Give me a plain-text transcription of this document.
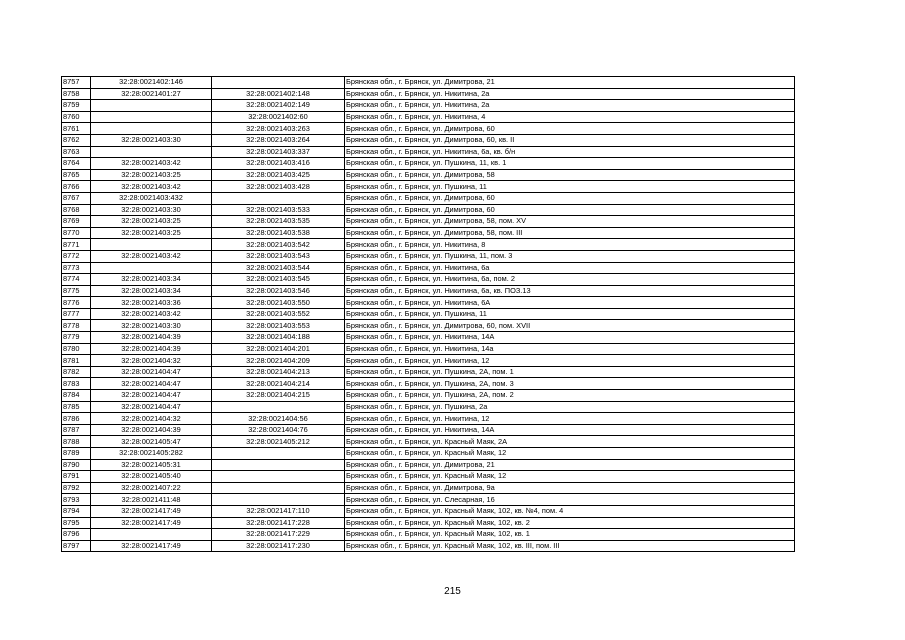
8757	32:28:0021402:146		Брянская обл., г. Брянск, ул. Димитрова, 21
8758	32:28:0021401:27	32:28:0021402:148	Брянская обл., г. Брянск, ул. Никитина, 2а
8759		32:28:0021402:149	Брянская обл., г. Брянск, ул. Никитина, 2а
8760		32:28:0021402:60	Брянская обл., г. Брянск, ул. Никитина, 4
8761		32:28:0021403:263	Брянская обл., г. Брянск, ул. Димитрова, 60
8762	32:28:0021403:30	32:28:0021403:264	Брянская обл., г. Брянск, ул. Димитрова, 60, кв. II
8763		32:28:0021403:337	Брянская обл., г. Брянск, ул. Никитина, 6а, кв. б/н
8764	32:28:0021403:42	32:28:0021403:416	Брянская обл., г. Брянск, ул. Пушкина, 11, кв. 1
8765	32:28:0021403:25	32:28:0021403:425	Брянская обл., г. Брянск, ул. Димитрова, 58
8766	32:28:0021403:42	32:28:0021403:428	Брянская обл., г. Брянск, ул. Пушкина, 11
8767	32:28:0021403:432		Брянская обл., г. Брянск, ул. Димитрова, 60
8768	32:28:0021403:30	32:28:0021403:533	Брянская обл., г. Брянск, ул. Димитрова, 60
8769	32:28:0021403:25	32:28:0021403:535	Брянская обл., г. Брянск, ул. Димитрова, 58, пом. XV
8770	32:28:0021403:25	32:28:0021403:538	Брянская обл., г. Брянск, ул. Димитрова, 58, пом. III
8771		32:28:0021403:542	Брянская обл., г. Брянск, ул. Никитина, 8
8772	32:28:0021403:42	32:28:0021403:543	Брянская обл., г. Брянск, ул. Пушкина, 11, пом. 3
8773		32:28:0021403:544	Брянская обл., г. Брянск, ул. Никитина, 6а
8774	32:28:0021403:34	32:28:0021403:545	Брянская обл., г. Брянск, ул. Никитина, 6а, пом. 2
8775	32:28:0021403:34	32:28:0021403:546	Брянская обл., г. Брянск, ул. Никитина, 6а, кв. ПОЗ.13
8776	32:28:0021403:36	32:28:0021403:550	Брянская обл., г. Брянск, ул. Никитина, 6А
8777	32:28:0021403:42	32:28:0021403:552	Брянская обл., г. Брянск, ул. Пушкина, 11
8778	32:28:0021403:30	32:28:0021403:553	Брянская обл., г. Брянск, ул. Димитрова, 60, пом. XVII
8779	32:28:0021404:39	32:28:0021404:188	Брянская обл., г. Брянск, ул. Никитина, 14А
8780	32:28:0021404:39	32:28:0021404:201	Брянская обл., г. Брянск, ул. Никитина, 14а
8781	32:28:0021404:32	32:28:0021404:209	Брянская обл., г. Брянск, ул. Никитина, 12
8782	32:28:0021404:47	32:28:0021404:213	Брянская обл., г. Брянск, ул. Пушкина, 2А, пом. 1
8783	32:28:0021404:47	32:28:0021404:214	Брянская обл., г. Брянск, ул. Пушкина, 2А, пом. 3
8784	32:28:0021404:47	32:28:0021404:215	Брянская обл., г. Брянск, ул. Пушкина, 2А, пом. 2
8785	32:28:0021404:47		Брянская обл., г. Брянск, ул. Пушкина, 2а
8786	32:28:0021404:32	32:28:0021404:56	Брянская обл., г. Брянск, ул. Никитина, 12
8787	32:28:0021404:39	32:28:0021404:76	Брянская обл., г. Брянск, ул. Никитина, 14А
8788	32:28:0021405:47	32:28:0021405:212	Брянская обл., г. Брянск, ул. Красный Маяк, 2А
8789	32:28:0021405:282		Брянская обл., г. Брянск, ул. Красный Маяк, 12
8790	32:28:0021405:31		Брянская обл., г. Брянск, ул. Димитрова, 21
8791	32:28:0021405:40		Брянская обл., г. Брянск, ул. Красный Маяк, 12
8792	32:28:0021407:22		Брянская обл., г. Брянск, ул. Димитрова, 9а
8793	32:28:0021411:48		Брянская обл., г. Брянск, ул. Слесарная, 16
8794	32:28:0021417:49	32:28:0021417:110	Брянская обл., г. Брянск, ул. Красный Маяк, 102, кв. №4, пом. 4
8795	32:28:0021417:49	32:28:0021417:228	Брянская обл., г. Брянск, ул. Красный Маяк, 102, кв. 2
8796		32:28:0021417:229	Брянская обл., г. Брянск, ул. Красный Маяк, 102, кв. 1
8797	32:28:0021417:49	32:28:0021417:230	Брянская обл., г. Брянск, ул. Красный Маяк, 102, кв. III, пом. III
215
